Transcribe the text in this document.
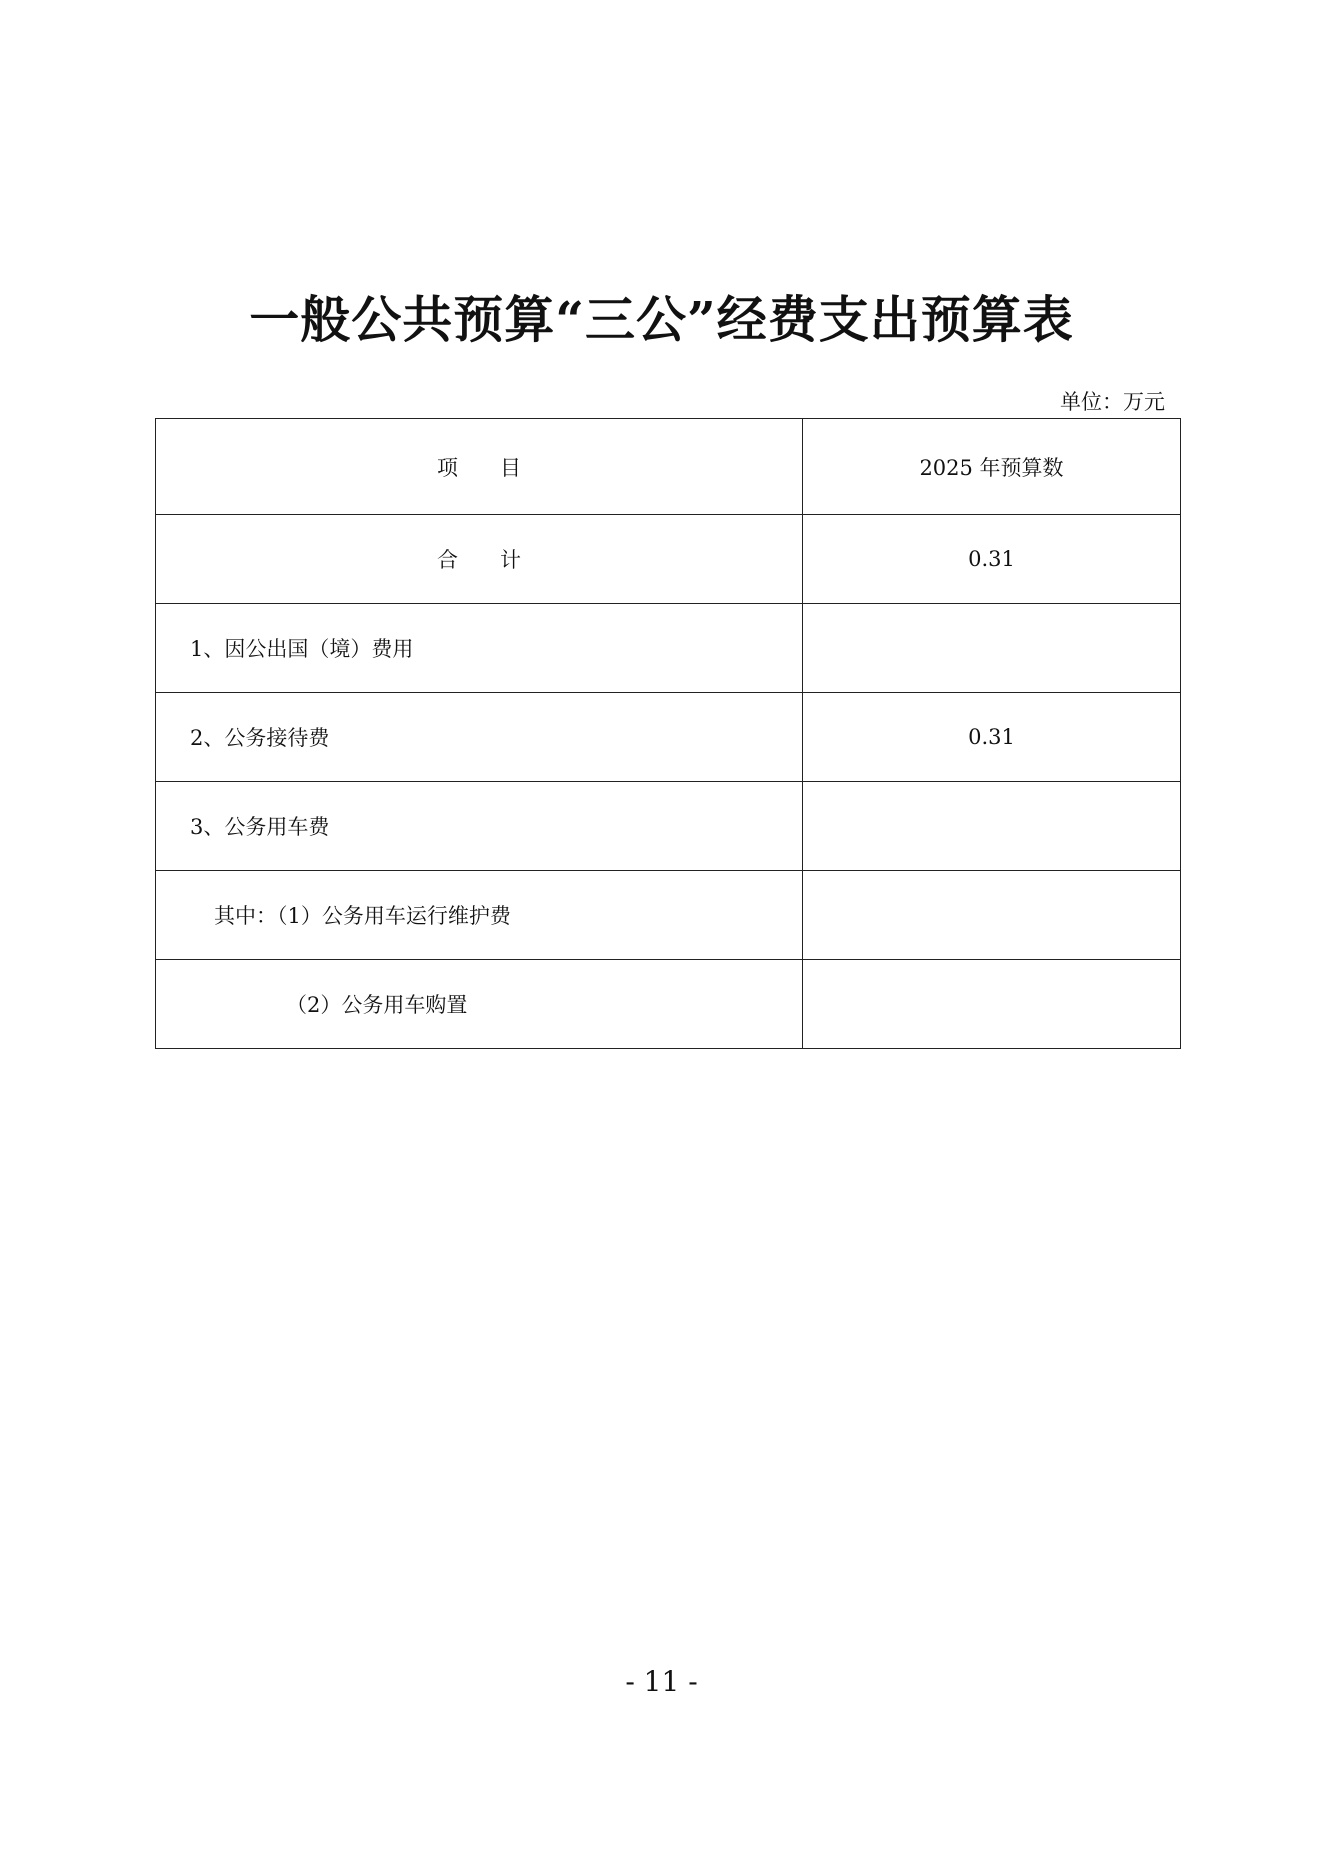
一般公共预算“三公”经费支出预算表
单位：万元
项　　目	2025 年预算数
合　　计	0.31
1、因公出国（境）费用	
2、公务接待费	0.31
3、公务用车费	
其中：（1）公务用车运行维护费	
（2）公务用车购置	
- 11 -
